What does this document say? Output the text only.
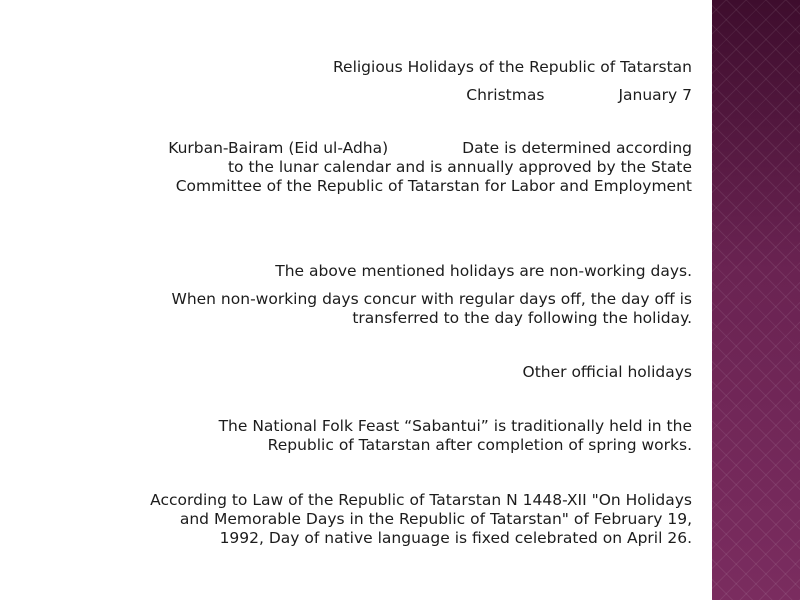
Religious Holidays of the Republic of Tatarstan
Christmas	January 7
Kurban-Bairam (Eid ul-Adha)	Date is determined according
to the lunar calendar and is annually approved by the State
Committee of the Republic of Tatarstan for Labor and Employment
The above mentioned holidays are non-working days.
When non-working days concur with regular days off, the day off is
transferred to the day following the holiday.
Other official holidays
The National Folk Feast “Sabantui” is traditionally held in the
Republic of Tatarstan after completion of spring works.
According to Law of the Republic of Tatarstan N 1448-XII "On Holidays
and Memorable Days in the Republic of Tatarstan" of February 19,
1992, Day of native language is fixed celebrated on April 26.
